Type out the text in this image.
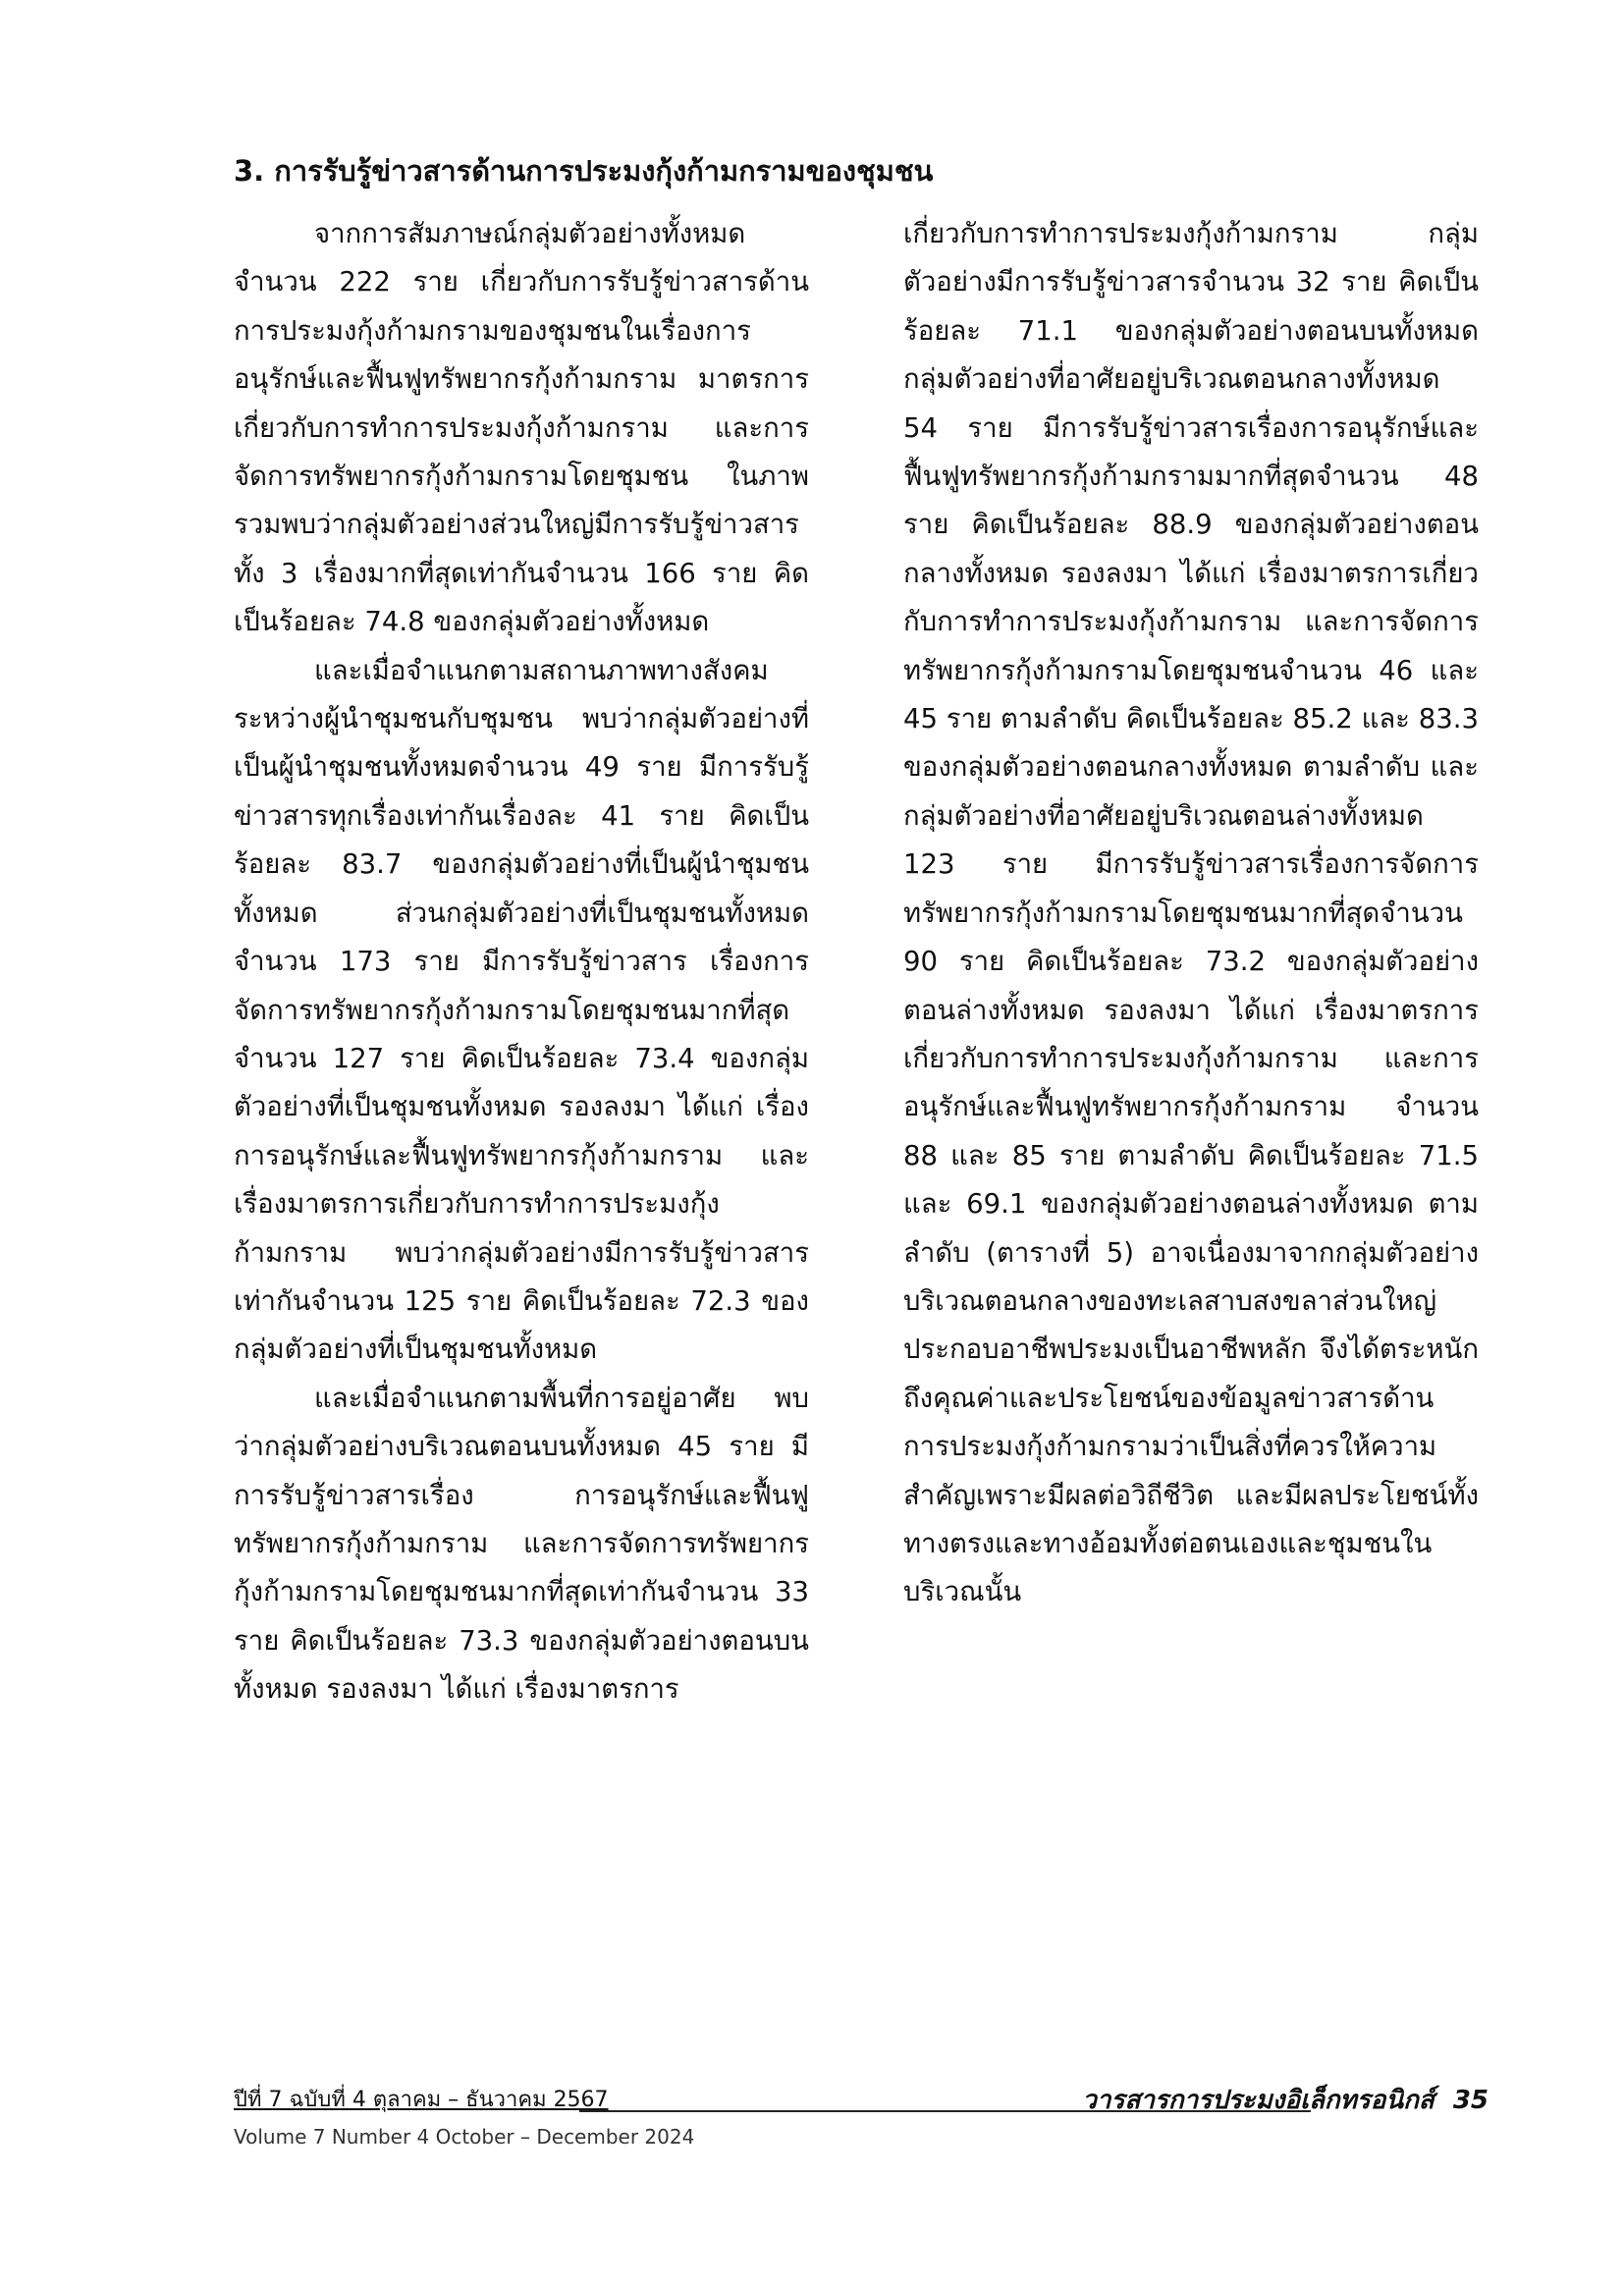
3. การรับรู้ข่าวสารด้านการประมงกุ้งก้ามกรามของชุมชน

จากการสัมภาษณ์กลุ่มตัวอย่างทั้งหมด จำนวน 222 ราย เกี่ยวกับการรับรู้ข่าวสารด้านการประมงกุ้งก้ามกรามของชุมชนในเรื่องการอนุรักษ์และฟื้นฟูทรัพยากรกุ้งก้ามกราม มาตรการเกี่ยวกับการทำการประมงกุ้งก้ามกราม และการจัดการทรัพยากรกุ้งก้ามกรามโดยชุมชน ในภาพรวมพบว่ากลุ่มตัวอย่างส่วนใหญ่มีการรับรู้ข่าวสารทั้ง 3 เรื่องมากที่สุดเท่ากันจำนวน 166 ราย คิดเป็นร้อยละ 74.8 ของกลุ่มตัวอย่างทั้งหมด

และเมื่อจำแนกตามสถานภาพทางสังคมระหว่างผู้นำชุมชนกับชุมชน พบว่ากลุ่มตัวอย่างที่เป็นผู้นำชุมชนทั้งหมดจำนวน 49 ราย มีการรับรู้ข่าวสารทุกเรื่องเท่ากันเรื่องละ 41 ราย คิดเป็นร้อยละ 83.7 ของกลุ่มตัวอย่างที่เป็นผู้นำชุมชนทั้งหมด ส่วนกลุ่มตัวอย่างที่เป็นชุมชนทั้งหมดจำนวน 173 ราย มีการรับรู้ข่าวสาร เรื่องการจัดการทรัพยากรกุ้งก้ามกรามโดยชุมชนมากที่สุดจำนวน 127 ราย คิดเป็นร้อยละ 73.4 ของกลุ่มตัวอย่างที่เป็นชุมชนทั้งหมด รองลงมา ได้แก่ เรื่องการอนุรักษ์และฟื้นฟูทรัพยากรกุ้งก้ามกราม และเรื่องมาตรการเกี่ยวกับการทำการประมงกุ้งก้ามกราม พบว่ากลุ่มตัวอย่างมีการรับรู้ข่าวสารเท่ากันจำนวน 125 ราย คิดเป็นร้อยละ 72.3 ของกลุ่มตัวอย่างที่เป็นชุมชนทั้งหมด

และเมื่อจำแนกตามพื้นที่การอยู่อาศัย พบว่ากลุ่มตัวอย่างบริเวณตอนบนทั้งหมด 45 ราย มีการรับรู้ข่าวสารเรื่อง การอนุรักษ์และฟื้นฟูทรัพยากรกุ้งก้ามกราม และการจัดการทรัพยากรกุ้งก้ามกรามโดยชุมชนมากที่สุดเท่ากันจำนวน 33 ราย คิดเป็นร้อยละ 73.3 ของกลุ่มตัวอย่างตอนบนทั้งหมด รองลงมา ได้แก่ เรื่องมาตรการ

เกี่ยวกับการทำการประมงกุ้งก้ามกราม กลุ่มตัวอย่างมีการรับรู้ข่าวสารจำนวน 32 ราย คิดเป็นร้อยละ 71.1 ของกลุ่มตัวอย่างตอนบนทั้งหมด กลุ่มตัวอย่างที่อาศัยอยู่บริเวณตอนกลางทั้งหมด 54 ราย มีการรับรู้ข่าวสารเรื่องการอนุรักษ์และฟื้นฟูทรัพยากรกุ้งก้ามกรามมากที่สุดจำนวน 48 ราย คิดเป็นร้อยละ 88.9 ของกลุ่มตัวอย่างตอนกลางทั้งหมด รองลงมา ได้แก่ เรื่องมาตรการเกี่ยวกับการทำการประมงกุ้งก้ามกราม และการจัดการทรัพยากรกุ้งก้ามกรามโดยชุมชนจำนวน 46 และ 45 ราย ตามลำดับ คิดเป็นร้อยละ 85.2 และ 83.3 ของกลุ่มตัวอย่างตอนกลางทั้งหมด ตามลำดับ และกลุ่มตัวอย่างที่อาศัยอยู่บริเวณตอนล่างทั้งหมด 123 ราย มีการรับรู้ข่าวสารเรื่องการจัดการทรัพยากรกุ้งก้ามกรามโดยชุมชนมากที่สุดจำนวน 90 ราย คิดเป็นร้อยละ 73.2 ของกลุ่มตัวอย่างตอนล่างทั้งหมด รองลงมา ได้แก่ เรื่องมาตรการเกี่ยวกับการทำการประมงกุ้งก้ามกราม และการอนุรักษ์และฟื้นฟูทรัพยากรกุ้งก้ามกราม จำนวน 88 และ 85 ราย ตามลำดับ คิดเป็นร้อยละ 71.5 และ 69.1 ของกลุ่มตัวอย่างตอนล่างทั้งหมด ตามลำดับ (ตารางที่ 5) อาจเนื่องมาจากกลุ่มตัวอย่างบริเวณตอนกลางของทะเลสาบสงขลาส่วนใหญ่ประกอบอาชีพประมงเป็นอาชีพหลัก จึงได้ตระหนักถึงคุณค่าและประโยชน์ของข้อมูลข่าวสารด้านการประมงกุ้งก้ามกรามว่าเป็นสิ่งที่ควรให้ความสำคัญเพราะมีผลต่อวิถีชีวิต และมีผลประโยชน์ทั้งทางตรงและทางอ้อมทั้งต่อตนเองและชุมชนในบริเวณนั้น

ปีที่ 7 ฉบับที่ 4 ตุลาคม – ธันวาคม 2567	วารสารการประมงอิเล็กทรอนิกส์ 35
Volume 7 Number 4 October – December 2024
